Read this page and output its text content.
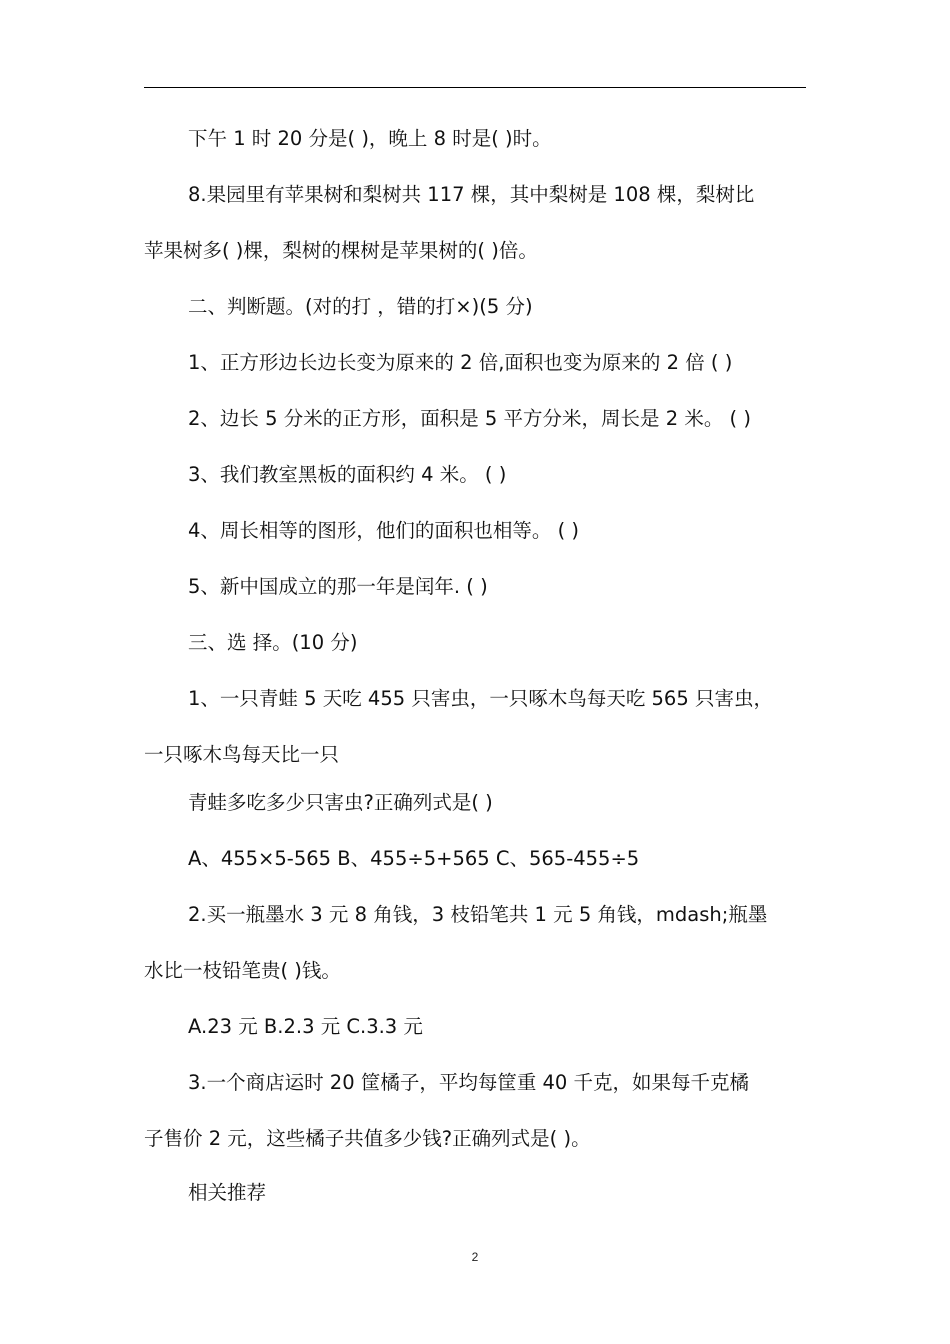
下午 1 时 20 分是( )，晚上 8 时是( )时。
8.果园里有苹果树和梨树共 117 棵，其中梨树是 108 棵，梨树比
苹果树多( )棵，梨树的棵树是苹果树的( )倍。
二、判断题。(对的打 ，错的打×)(5 分)
1、正方形边长边长变为原来的 2 倍,面积也变为原来的 2 倍 ( )
2、边长 5 分米的正方形，面积是 5 平方分米，周长是 2 米。 ( )
3、我们教室黑板的面积约 4 米。 ( )
4、周长相等的图形，他们的面积也相等。 ( )
5、新中国成立的那一年是闰年. ( )
三、选 择。(10 分)
1、一只青蛙 5 天吃 455 只害虫，一只啄木鸟每天吃 565 只害虫，
一只啄木鸟每天比一只
青蛙多吃多少只害虫?正确列式是( )
A、455×5-565 B、455÷5+565 C、565-455÷5
2.买一瓶墨水 3 元 8 角钱，3 枝铅笔共 1 元 5 角钱，mdash;瓶墨
水比一枝铅笔贵( )钱。
A.23 元 B.2.3 元 C.3.3 元
3.一个商店运时 20 筐橘子，平均每筐重 40 千克，如果每千克橘
子售价 2 元，这些橘子共值多少钱?正确列式是( )。
相关推荐
2
